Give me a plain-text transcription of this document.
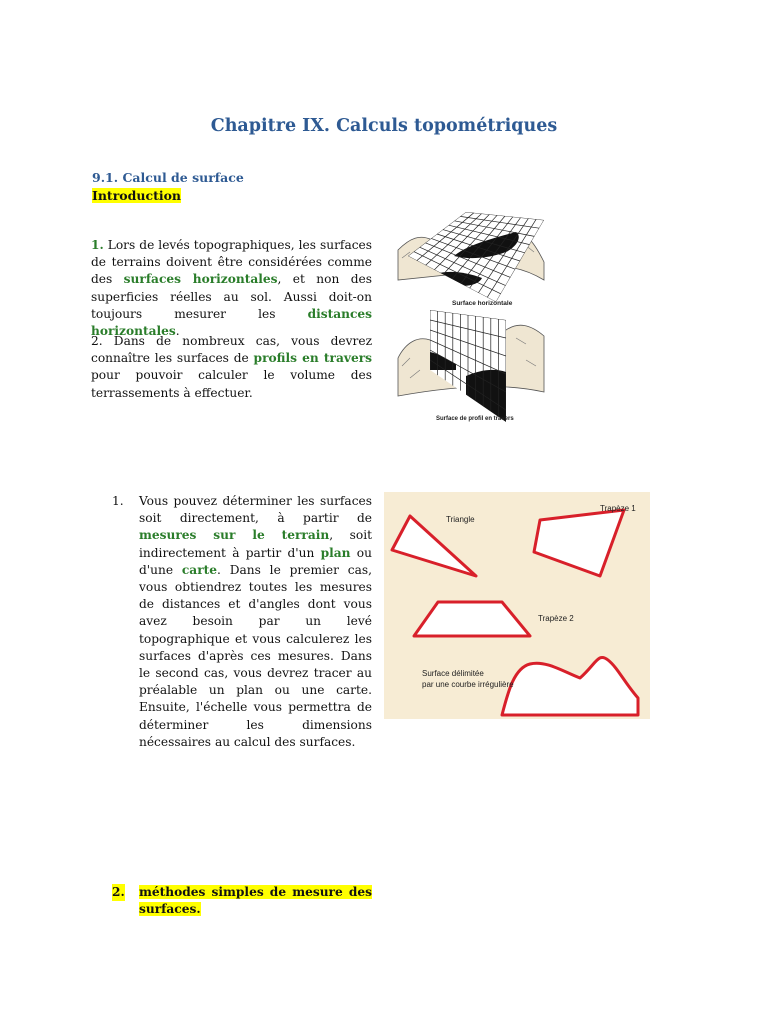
Chapitre IX. Calculs topométriques
9.1. Calcul de surface
Introduction
1. Lors de levés topographiques, les surfaces de terrains doivent être considérées comme des surfaces horizontales, et non des superficies réelles au sol. Aussi doit-on toujours mesurer les distances horizontales.
2. Dans de nombreux cas, vous devrez connaître les surfaces de profils en travers pour pouvoir calculer le volume des terrassements à effectuer.
Surface horizontale
Surface de profil en travers
1. Vous pouvez déterminer les surfaces soit directement, à partir de mesures sur le terrain, soit indirectement à partir d'un plan ou d'une carte. Dans le premier cas, vous obtiendrez toutes les mesures de distances et d'angles dont vous avez besoin par un levé topographique et vous calculerez les surfaces d'après ces mesures. Dans le second cas, vous devrez tracer au préalable un plan ou une carte. Ensuite, l'échelle vous permettra de déterminer les dimensions nécessaires au calcul des surfaces.
Triangle
Trapèze 1
Trapèze 2
Surface délimitée
par une courbe irrégulière
2. méthodes simples de mesure des surfaces.
